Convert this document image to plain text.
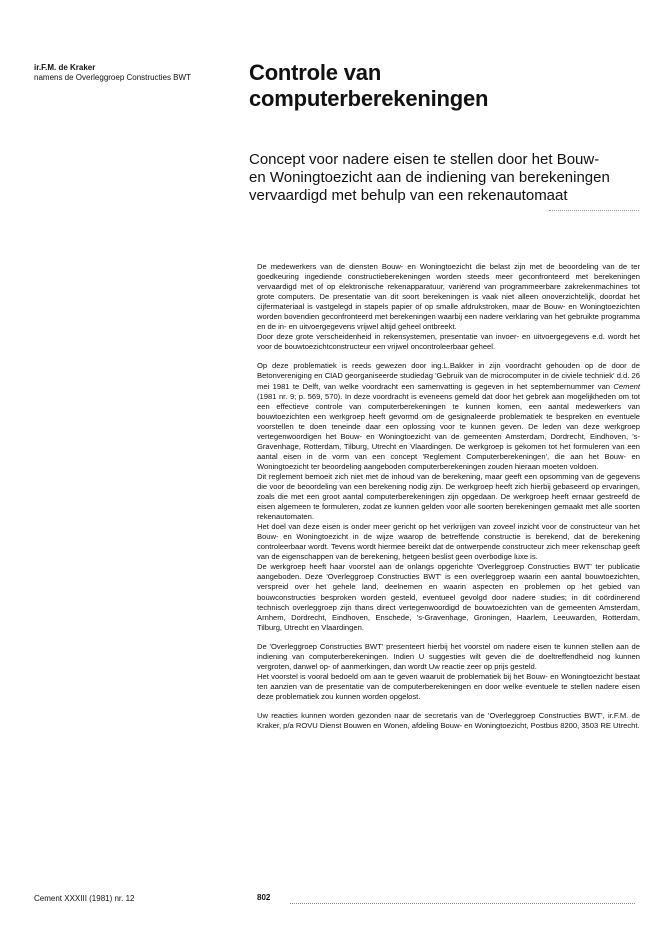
ir.F.M. de Kraker
namens de Overleggroep Constructies BWT	Controle van
computerberekeningen
Concept voor nadere eisen te stellen door het Bouw-
en Woningtoezicht aan de indiening van berekeningen
vervaardigd met behulp van een rekenautomaat

De medewerkers van de diensten Bouw- en Woningtoezicht die belast zijn met de beoordeling van de ter goedkeuring ingediende constructieberekeningen worden steeds meer geconfronteerd met berekeningen vervaardigd met of op elektronische rekenapparatuur, variërend van programmeerbare zakrekenmachines tot grote computers. De presentatie van dit soort berekeningen is vaak niet alleen onoverzichtelijk, doordat het cijfermateriaal is vastgelegd in stapels papier of op smalle afdrukstroken, maar de Bouw- en Woningtoezichten worden bovendien geconfronteerd met berekeningen waarbij een nadere verklaring van het gebruikte programma en de in- en uitvoergegevens vrijwel altijd geheel ontbreekt.

Door deze grote verscheidenheid in rekensystemen, presentatie van invoer- en uitvoergegevens e.d. wordt het voor de bouwtoezichtconstructeur een vrijwel oncontroleerbaar geheel.

Op deze problematiek is reeds gewezen door ing.L.Bakker in zijn voordracht gehouden op de door de Betonvereniging en CIAD georganiseerde studiedag 'Gebruik van de microcomputer in de civiele techniek' d.d. 26 mei 1981 te Delft, van welke voordracht een samenvatting is gegeven in het septembernummer van Cement (1981 nr. 9; p. 569, 570). In deze voordracht is eveneens gemeld dat door het gebrek aan mogelijkheden om tot een effectieve controle van computerberekeningen te kunnen komen, een aantal medewerkers van bouwtoezichten een werkgroep heeft gevormd om de gesignaleerde problematiek te bespreken en eventuele voorstellen te doen teneinde daar een oplossing voor te kunnen geven. De leden van deze werkgroep vertegenwoordigen het Bouw- en Woningtoezicht van de gemeenten Amsterdam, Dordrecht, Eindhoven, 's-Gravenhage, Rotterdam, Tilburg, Utrecht en Vlaardingen. De werkgroep is gekomen tot het formuleren van een aantal eisen in de vorm van een concept 'Reglement Computerberekeningen', die aan het Bouw- en Woningtoezicht ter beoordeling aangeboden computerberekeningen zouden hieraan moeten voldoen.

Dit reglement bemoeit zich niet met de inhoud van de berekening, maar geeft een opsomming van de gegevens die voor de beoordeling van een berekening nodig zijn. De werkgroep heeft zich hierbij gebaseerd op ervaringen, zoals die met een groot aantal computerberekeningen zijn opgedaan. De werkgroep heeft ernaar gestreefd de eisen algemeen te formuleren, zodat ze kunnen gelden voor alle soorten berekeningen gemaakt met alle soorten rekenautomaten.

Het doel van deze eisen is onder meer gericht op het verkrijgen van zoveel inzicht voor de constructeur van het Bouw- en Woningtoezicht in de wijze waarop de betreffende constructie is berekend, dat de berekening controleerbaar wordt. Tevens wordt hiermee bereikt dat de ontwerpende constructeur zich meer rekenschap geeft van de eigenschappen van de berekening, hetgeen beslist geen overbodige luxe is.

De werkgroep heeft haar voorstel aan de onlangs opgerichte 'Overleggroep Constructies BWT' ter publicatie aangeboden. Deze 'Overleggroep Constructies BWT' is een overleggroep waarin een aantal bouwtoezichten, verspreid over het gehele land, deelnemen en waarin aspecten en problemen op het gebied van bouwconstructies besproken worden gesteld, eventueel gevolgd door nadere studies; in dit coördinerend technisch overleggroep zijn thans direct vertegenwoordigd de bouwtoezichten van de gemeenten Amsterdam, Arnhem, Dordrecht, Eindhoven, Enschede, 's-Gravenhage, Groningen, Haarlem, Leeuwarden, Rotterdam, Tilburg, Utrecht en Vlaardingen.

De 'Overleggroep Constructies BWT' presenteert hierbij het voorstel om nadere eisen te kunnen stellen aan de indiening van computerberekeningen. Indien U suggesties wilt geven die de doeltreffendheid nog kunnen vergroten, danwel op- of aanmerkingen, dan wordt Uw reactie zeer op prijs gesteld.

Het voorstel is vooral bedoeld om aan te geven waaruit de problematiek bij het Bouw- en Woningtoezicht bestaat ten aanzien van de presentatie van de computerberekeningen en door welke eventuele te stellen nadere eisen deze problematiek zou kunnen worden opgelost.

Uw reacties kunnen worden gezonden naar de secretaris van de 'Overleggroep Constructies BWT', ir.F.M. de Kraker, p/a ROVU Dienst Bouwen en Wonen, afdeling Bouw- en Woningtoezicht, Postbus 8200, 3503 RE Utrecht.

Cement XXXIII (1981) nr. 12	802
